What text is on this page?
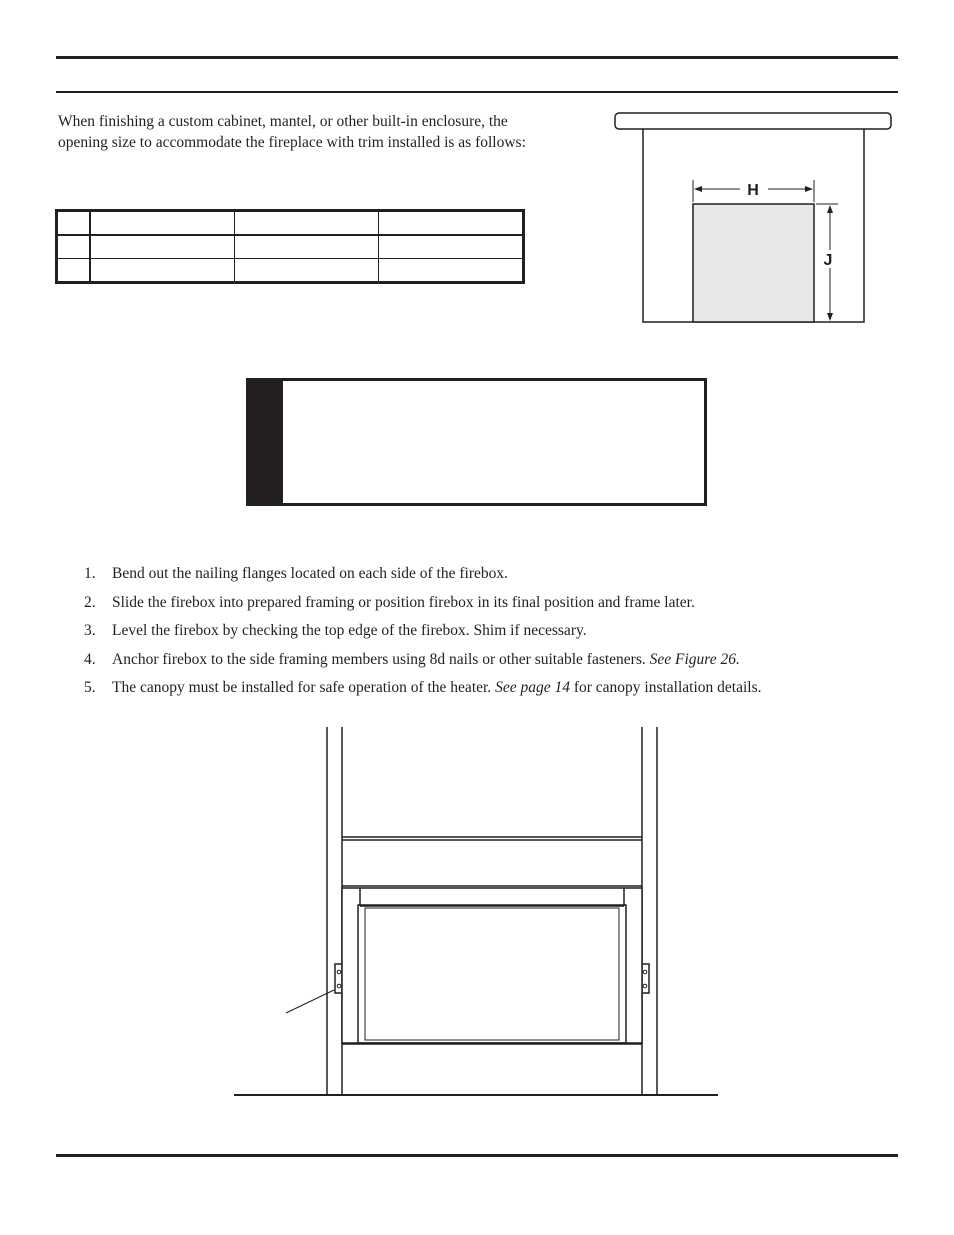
When finishing a custom cabinet, mantel, or other built-in enclosure, the opening size to accommodate the fireplace with trim installed is as follows:

H
J
1.	Bend out the nailing flanges located on each side of the firebox.
2.	Slide the firebox into prepared framing or position firebox in its final position and frame later.
3.	Level the firebox by checking the top edge of the firebox. Shim if necessary.
4.	Anchor firebox to the side framing members using 8d nails or other suitable fasteners. See Figure 26.
5.	The canopy must be installed for safe operation of the heater. See page 14 for canopy installation details.
